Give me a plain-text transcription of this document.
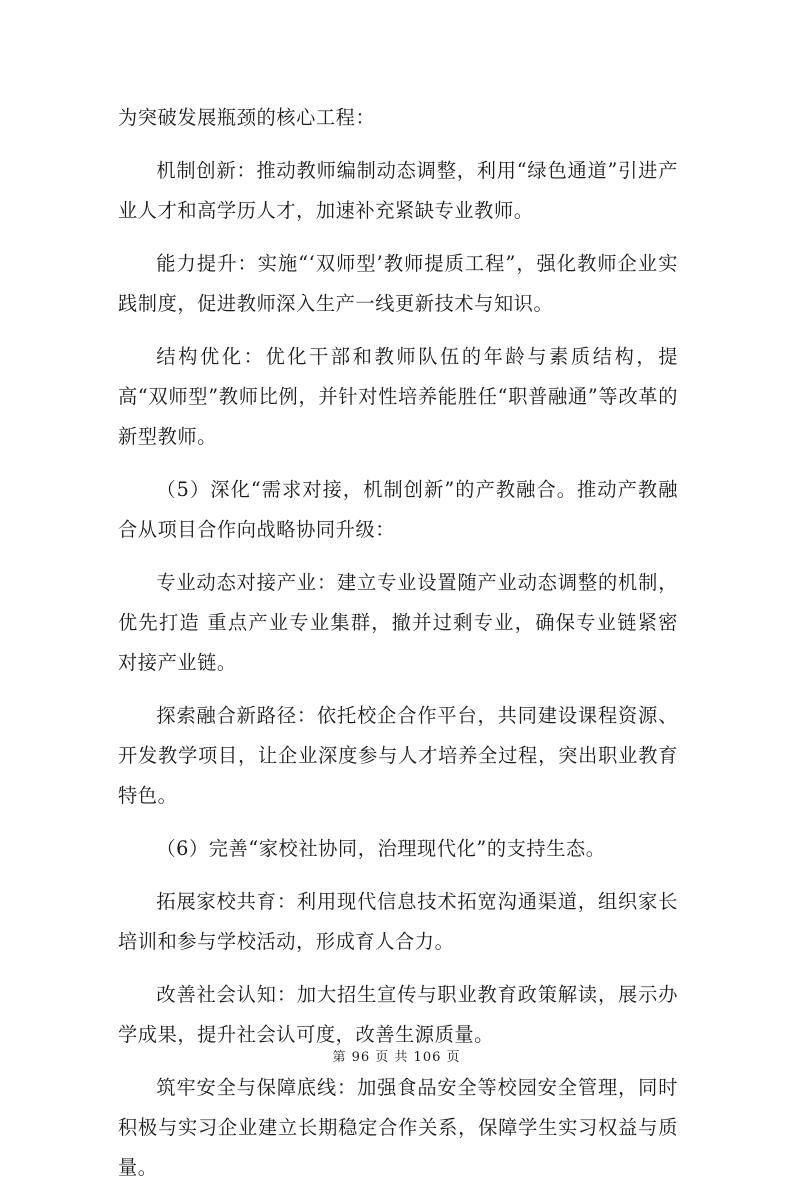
为突破发展瓶颈的核心工程：

机制创新：推动教师编制动态调整，利用“绿色通道”引进产业人才和高学历人才，加速补充紧缺专业教师。

能力提升：实施“‘双师型’教师提质工程”，强化教师企业实践制度，促进教师深入生产一线更新技术与知识。

结构优化：优化干部和教师队伍的年龄与素质结构，提高“双师型”教师比例，并针对性培养能胜任“职普融通”等改革的新型教师。

（5）深化“需求对接，机制创新”的产教融合。推动产教融合从项目合作向战略协同升级：

专业动态对接产业：建立专业设置随产业动态调整的机制，优先打造 重点产业专业集群，撤并过剩专业，确保专业链紧密对接产业链。

探索融合新路径：依托校企合作平台，共同建设课程资源、开发教学项目，让企业深度参与人才培养全过程，突出职业教育特色。

（6）完善“家校社协同，治理现代化”的支持生态。

拓展家校共育：利用现代信息技术拓宽沟通渠道，组织家长培训和参与学校活动，形成育人合力。

改善社会认知：加大招生宣传与职业教育政策解读，展示办学成果，提升社会认可度，改善生源质量。

筑牢安全与保障底线：加强食品安全等校园安全管理，同时积极与实习企业建立长期稳定合作关系，保障学生实习权益与质量。

第 96 页 共 106 页
